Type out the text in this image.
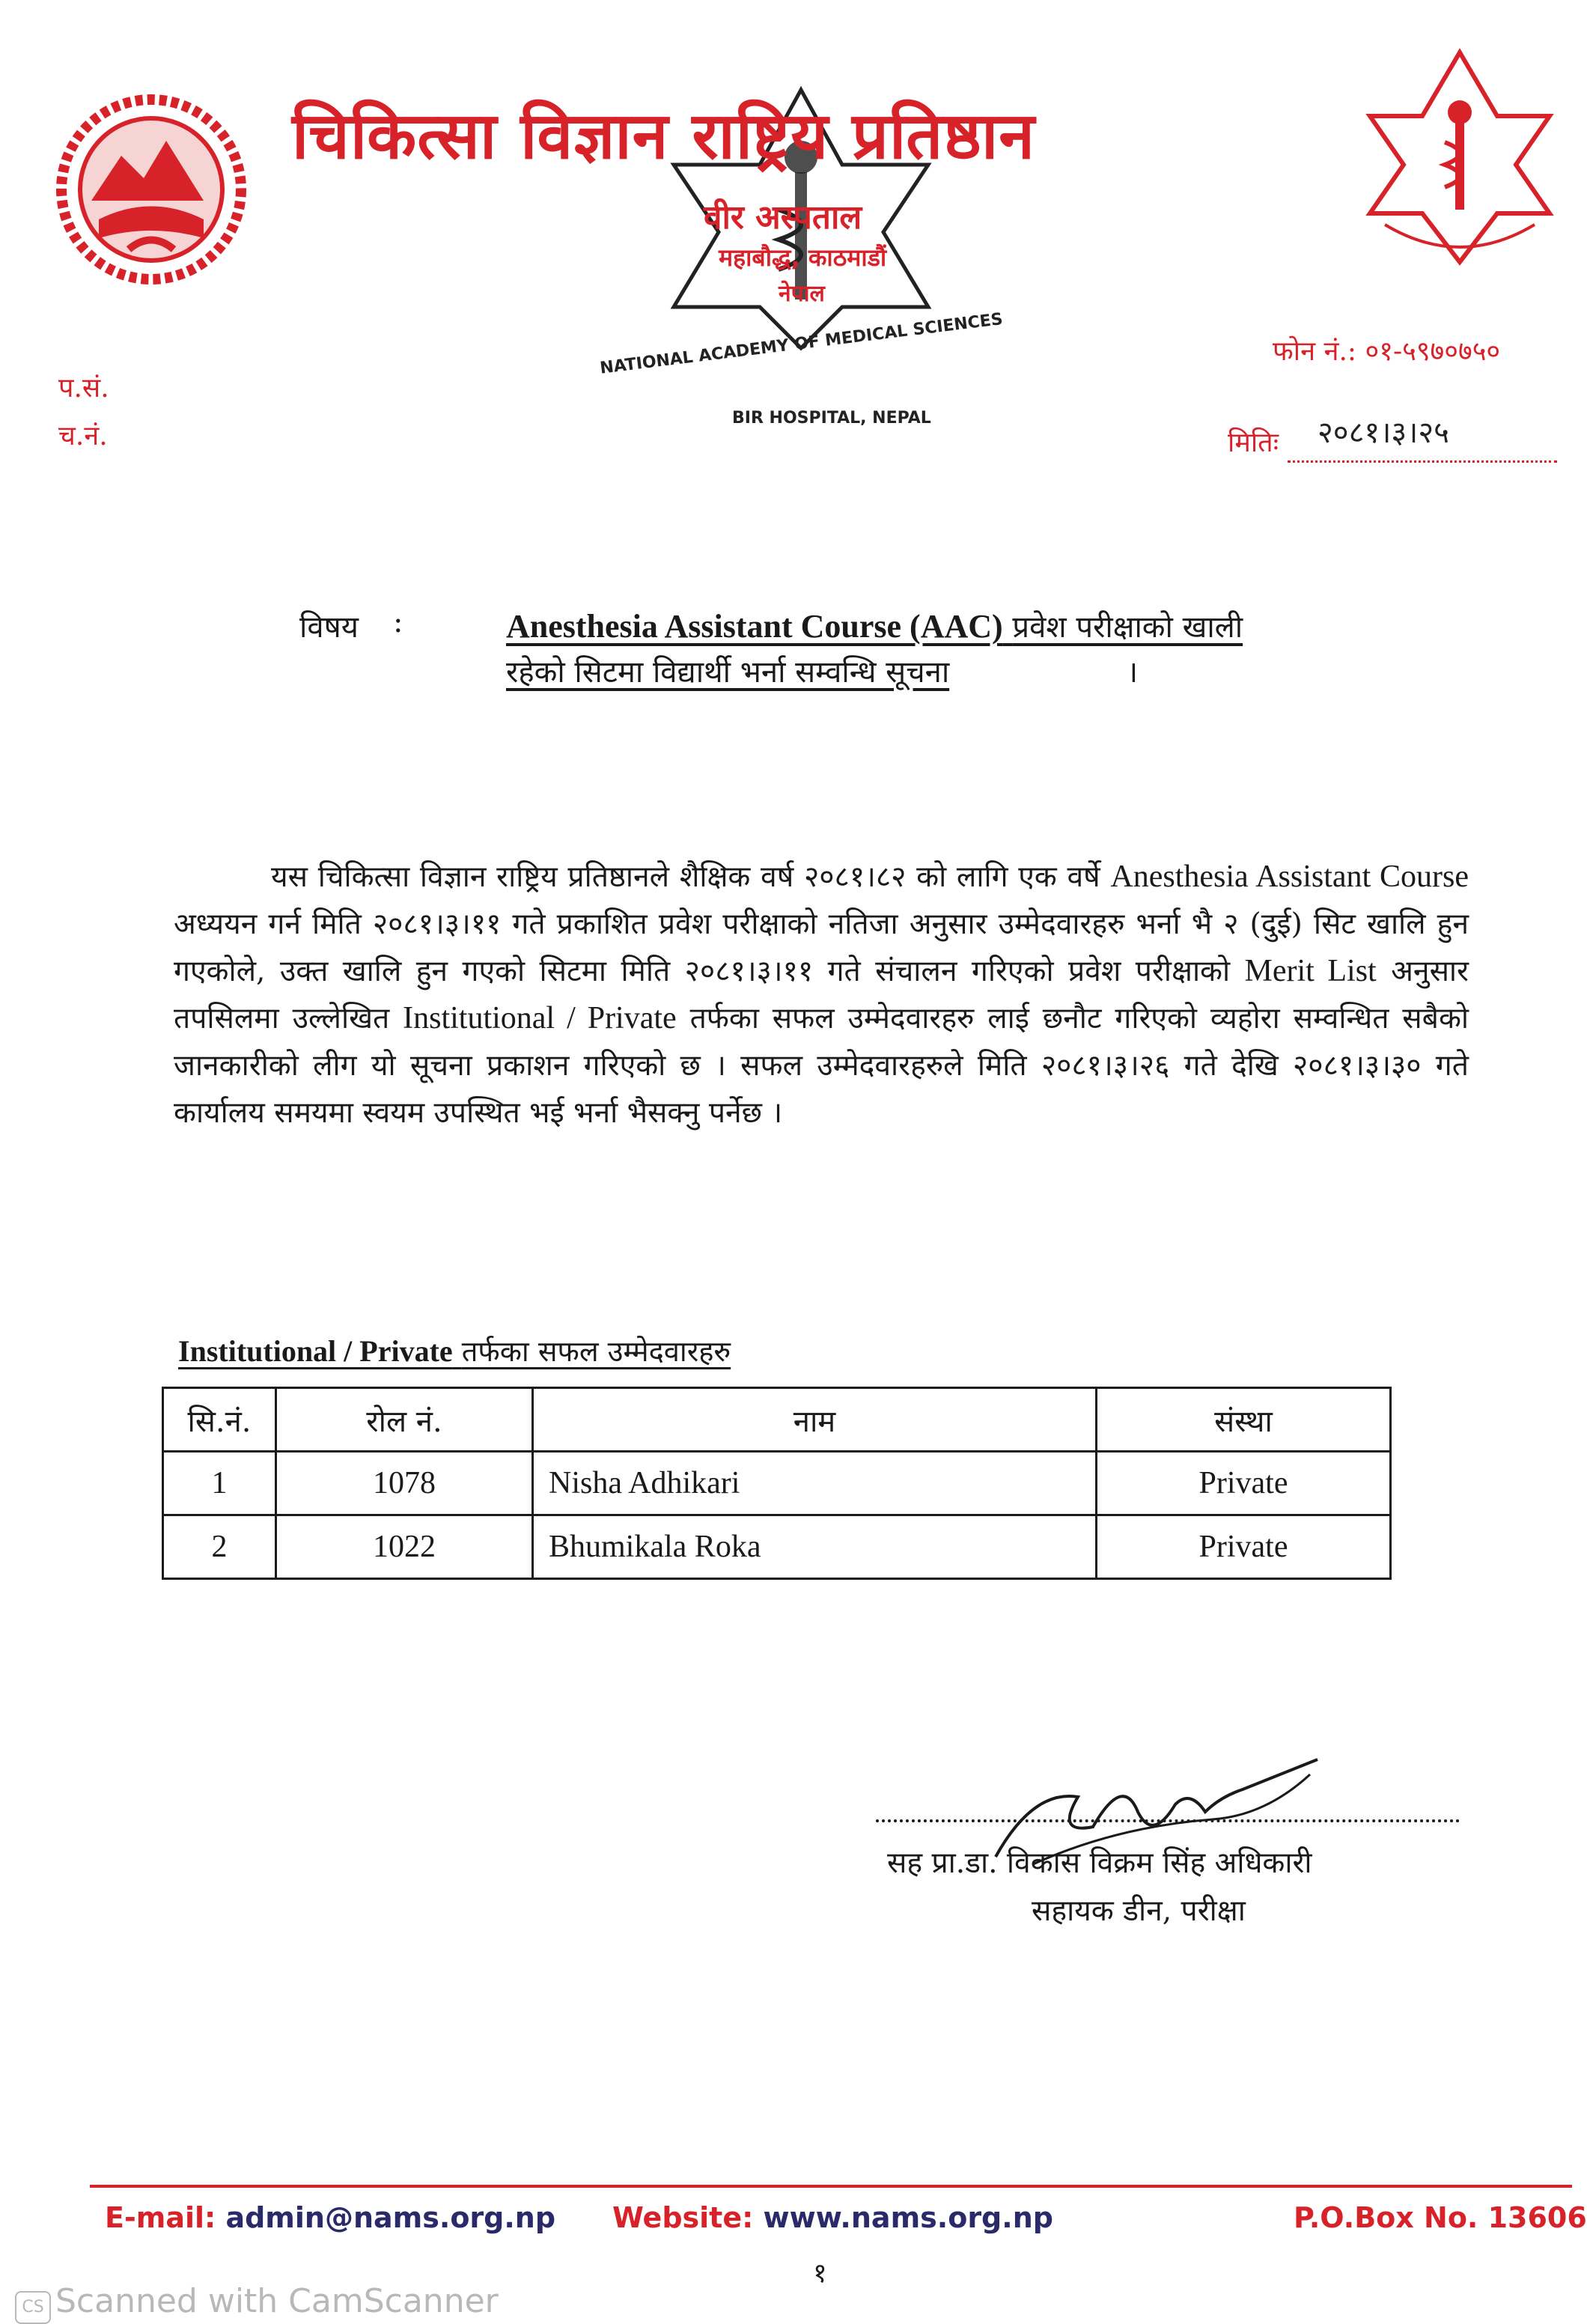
चिकित्सा विज्ञान राष्ट्रिय प्रतिष्ठान
वीर अस्पताल
महाबौद्ध, काठमाडौं
नेपाल
NATIONAL ACADEMY OF MEDICAL SCIENCES
BIR HOSPITAL, NEPAL
प.सं.
च.नं.
फोन नं.: ०१-५९७०७५०
मितिः २०८१।३।२५
विषय :	Anesthesia Assistant Course (AAC) प्रवेश परीक्षाको खाली
रहेको सिटमा विद्यार्थी भर्ना सम्वन्धि सूचना	।
यस चिकित्सा विज्ञान राष्ट्रिय प्रतिष्ठानले शैक्षिक वर्ष २०८१।८२ को लागि एक वर्षे Anesthesia Assistant Course अध्ययन गर्न मिति २०८१।३।११ गते प्रकाशित प्रवेश परीक्षाको नतिजा अनुसार उम्मेदवारहरु भर्ना भै २ (दुई) सिट खालि हुन गएकोले, उक्त खालि हुन गएको सिटमा मिति २०८१।३।११ गते संचालन गरिएको प्रवेश परीक्षाको Merit List अनुसार तपसिलमा उल्लेखित Institutional / Private तर्फका सफल उम्मेदवारहरु लाई छनौट गरिएको व्यहोरा सम्वन्धित सबैको जानकारीको लीग यो सूचना प्रकाशन गरिएको छ । सफल उम्मेदवारहरुले मिति २०८१।३।२६ गते देखि २०८१।३।३० गते कार्यालय समयमा स्वयम उपस्थित भई भर्ना भैसक्नु पर्नेछ ।
Institutional / Private तर्फका सफल उम्मेदवारहरु
सि.नं.	रोल नं.	नाम	संस्था
1	1078	Nisha Adhikari	Private
2	1022	Bhumikala Roka	Private
सह प्रा.डा. विकास विक्रम सिंह अधिकारी
सहायक डीन, परीक्षा
E-mail: admin@nams.org.np Website: www.nams.org.np	P.O.Box No. 13606
१
CS Scanned with CamScanner
